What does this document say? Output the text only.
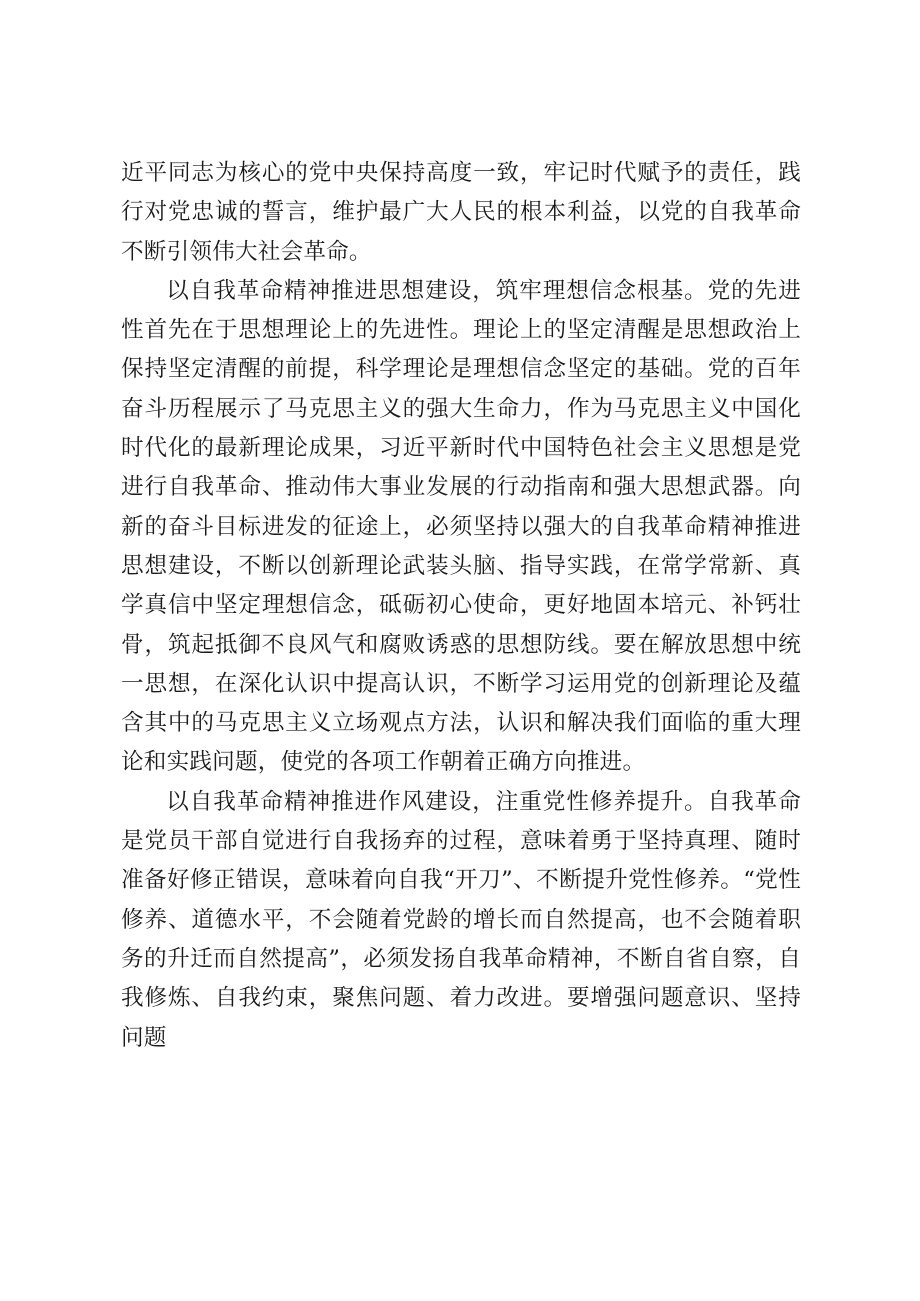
近平同志为核心的党中央保持高度一致，牢记时代赋予的责任，践行对党忠诚的誓言，维护最广大人民的根本利益，以党的自我革命不断引领伟大社会革命。

以自我革命精神推进思想建设，筑牢理想信念根基。党的先进性首先在于思想理论上的先进性。理论上的坚定清醒是思想政治上保持坚定清醒的前提，科学理论是理想信念坚定的基础。党的百年奋斗历程展示了马克思主义的强大生命力，作为马克思主义中国化时代化的最新理论成果，习近平新时代中国特色社会主义思想是党进行自我革命、推动伟大事业发展的行动指南和强大思想武器。向新的奋斗目标进发的征途上，必须坚持以强大的自我革命精神推进思想建设，不断以创新理论武装头脑、指导实践，在常学常新、真学真信中坚定理想信念，砥砺初心使命，更好地固本培元、补钙壮骨，筑起抵御不良风气和腐败诱惑的思想防线。要在解放思想中统一思想，在深化认识中提高认识，不断学习运用党的创新理论及蕴含其中的马克思主义立场观点方法，认识和解决我们面临的重大理论和实践问题，使党的各项工作朝着正确方向推进。

以自我革命精神推进作风建设，注重党性修养提升。自我革命是党员干部自觉进行自我扬弃的过程，意味着勇于坚持真理、随时准备好修正错误，意味着向自我“开刀”、不断提升党性修养。“党性修养、道德水平，不会随着党龄的增长而自然提高，也不会随着职务的升迁而自然提高”，必须发扬自我革命精神，不断自省自察，自我修炼、自我约束，聚焦问题、着力改进。要增强问题意识、坚持问题
